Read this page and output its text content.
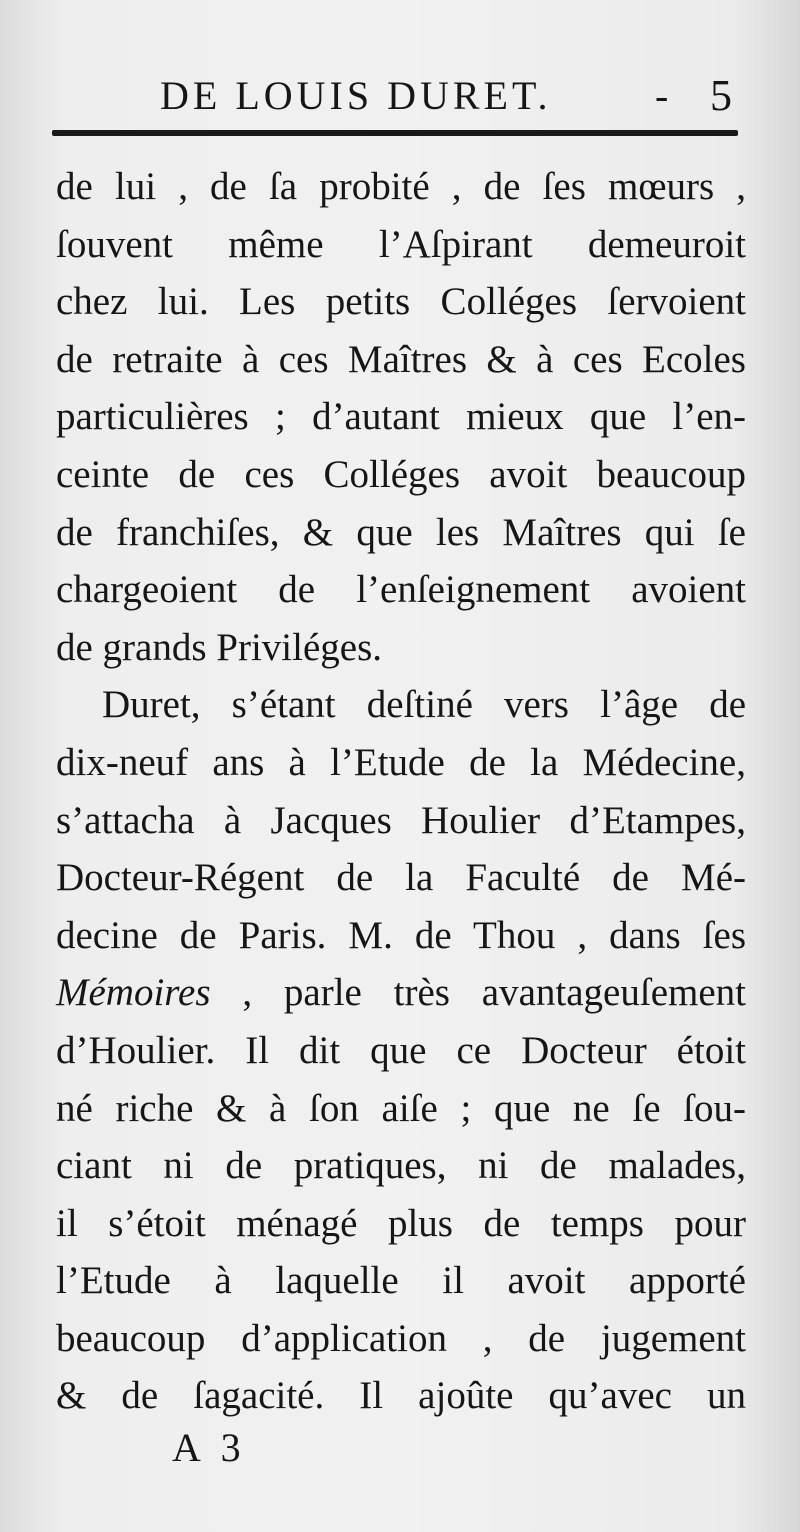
DE LOUIS DURET.	- 5
de lui , de ſa probité , de ſes mœurs ,
ſouvent même l’Aſpirant demeuroit
chez lui. Les petits Colléges ſervoient
de retraite à ces Maîtres & à ces Ecoles
particulières ; d’autant mieux que l’en-
ceinte de ces Colléges avoit beaucoup
de franchiſes, & que les Maîtres qui ſe
chargeoient de l’enſeignement avoient
de grands Priviléges.
Duret, s’étant deſtiné vers l’âge de
dix-neuf ans à l’Etude de la Médecine,
s’attacha à Jacques Houlier d’Etampes,
Docteur-Régent de la Faculté de Mé-
decine de Paris. M. de Thou , dans ſes
Mémoires , parle très avantageuſement
d’Houlier. Il dit que ce Docteur étoit
né riche & à ſon aiſe ; que ne ſe ſou-
ciant ni de pratiques, ni de malades,
il s’étoit ménagé plus de temps pour
l’Etude à laquelle il avoit apporté
beaucoup d’application , de jugement
& de ſagacité. Il ajoûte qu’avec un
A 3
